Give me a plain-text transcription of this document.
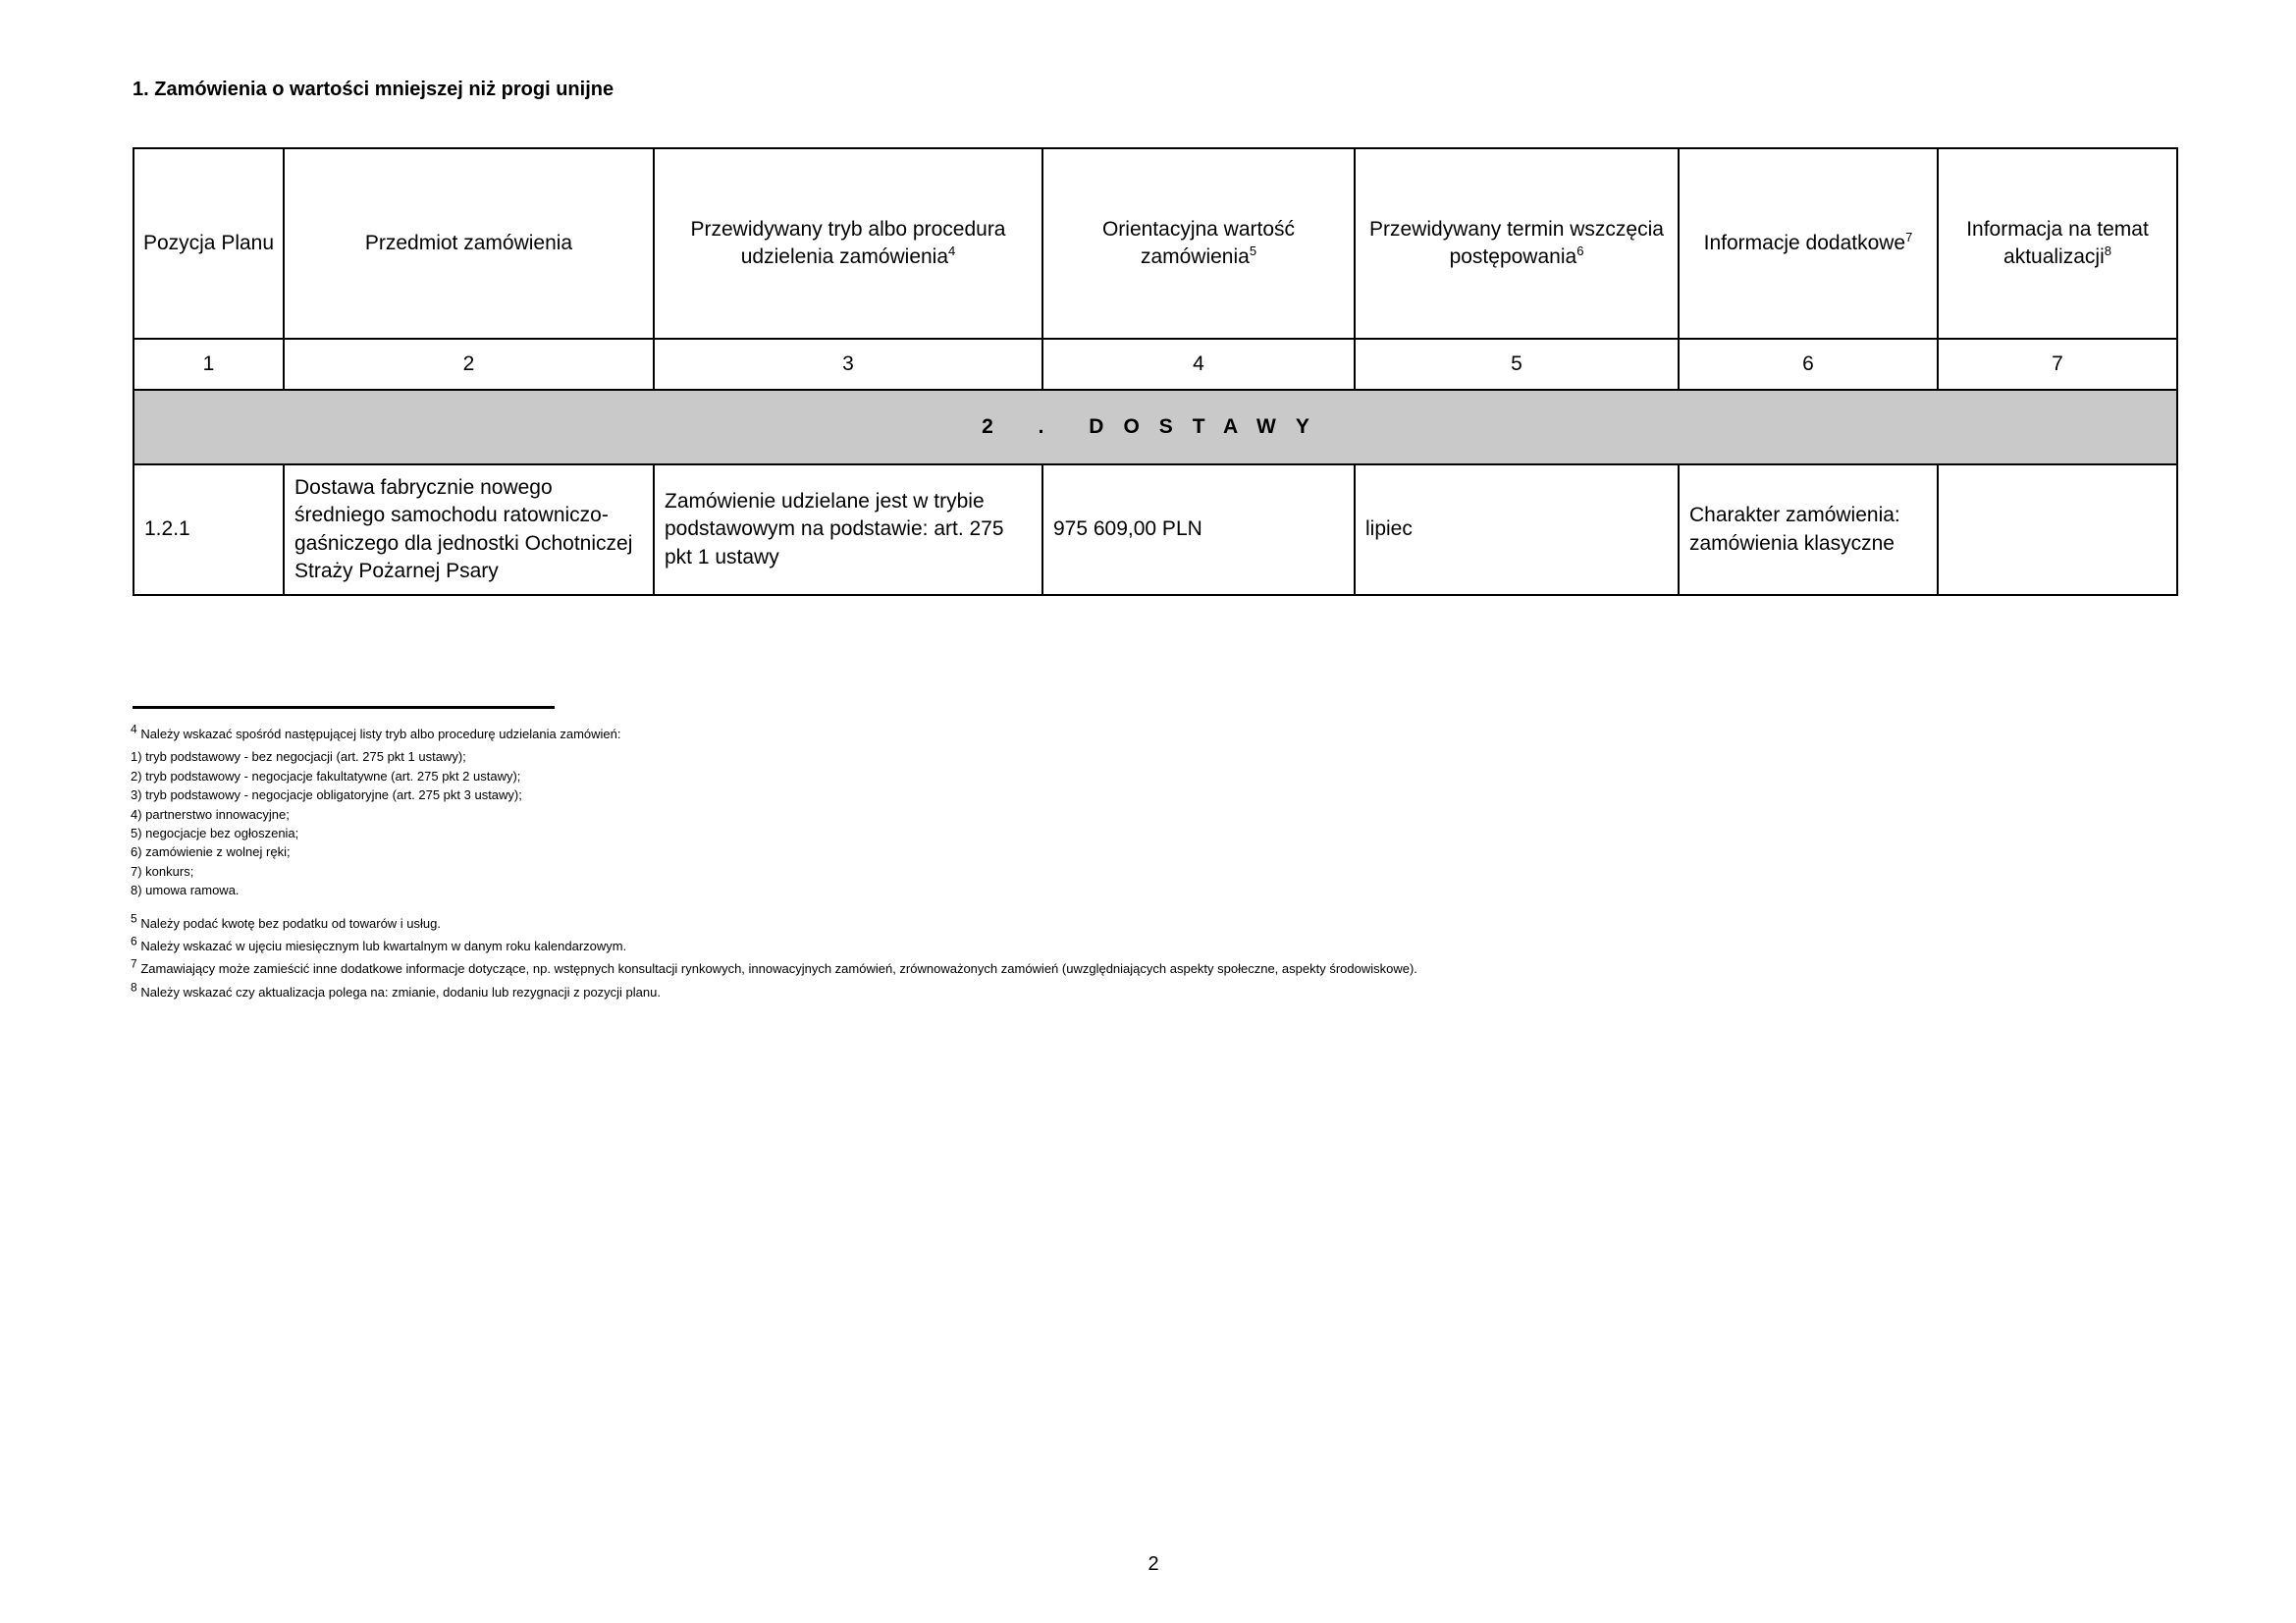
1. Zamówienia o wartości mniejszej niż progi unijne
Pozycja Planu	Przedmiot zamówienia	Przewidywany tryb albo procedura udzielenia zamówienia$^4$	Orientacyjna wartość zamówienia$^5$	Przewidywany termin wszczęcia postępowania$^6$	Informacje dodatkowe$^7$	Informacja na temat aktualizacji$^8$
1	2	3	4	5	6	7
2 . DOSTAWY						
1.2.1	Dostawa fabrycznie nowego średniego samochodu ratowniczo-gaśniczego dla jednostki Ochotniczej Straży Pożarnej Psary	Zamówienie udzielane jest w trybie podstawowym na podstawie: art. 275 pkt 1 ustawy	975 609,00 PLN	lipiec	Charakter zamówienia: zamówienia klasyczne	

$^4$ Należy wskazać spośród następującej listy tryb albo procedurę udzielania zamówień:

1) tryb podstawowy - bez negocjacji (art. 275 pkt 1 ustawy);

2) tryb podstawowy - negocjacje fakultatywne (art. 275 pkt 2 ustawy);

3) tryb podstawowy - negocjacje obligatoryjne (art. 275 pkt 3 ustawy);

4) partnerstwo innowacyjne;

5) negocjacje bez ogłoszenia;

6) zamówienie z wolnej ręki;

7) konkurs;

8) umowa ramowa.

$^5$ Należy podać kwotę bez podatku od towarów i usług.

$^6$ Należy wskazać w ujęciu miesięcznym lub kwartalnym w danym roku kalendarzowym.

$^7$ Zamawiający może zamieścić inne dodatkowe informacje dotyczące, np. wstępnych konsultacji rynkowych, innowacyjnych zamówień, zrównoważonych zamówień (uwzględniających aspekty społeczne, aspekty środowiskowe).

$^8$ Należy wskazać czy aktualizacja polega na: zmianie, dodaniu lub rezygnacji z pozycji planu.

2
